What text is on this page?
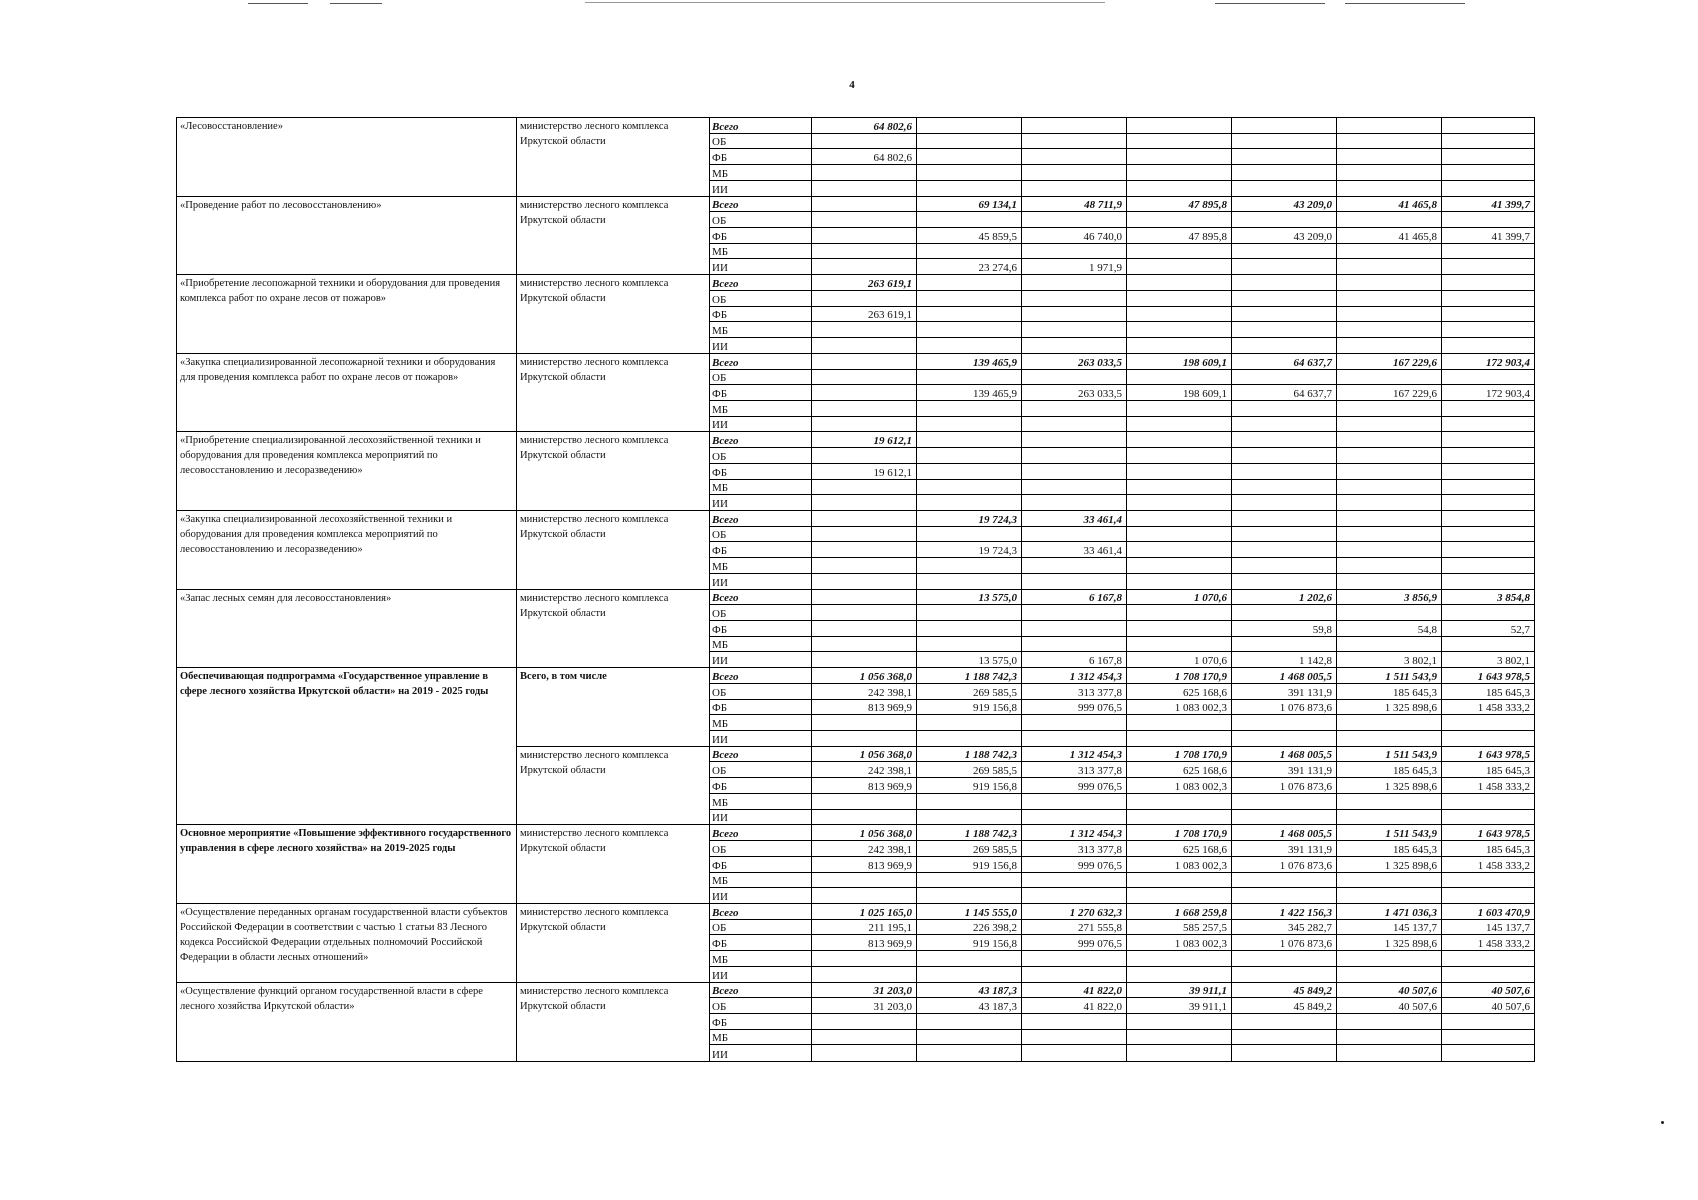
4
«Лесовосстановление»	министерство лесного комплекса Иркутской области	Всего	64 802,6						
		ОБ							
		ФБ	64 802,6						
		МБ							
		ИИ							
«Проведение работ по лесовосстановлению»	министерство лесного комплекса Иркутской области	Всего		69 134,1	48 711,9	47 895,8	43 209,0	41 465,8	41 399,7
		ОБ							
		ФБ		45 859,5	46 740,0	47 895,8	43 209,0	41 465,8	41 399,7
		МБ							
		ИИ		23 274,6	1 971,9				
«Приобретение лесопожарной техники и оборудования для проведения комплекса работ по охране лесов от пожаров»	министерство лесного комплекса Иркутской области	Всего	263 619,1						
		ОБ							
		ФБ	263 619,1						
		МБ							
		ИИ							
«Закупка специализированной лесопожарной техники и оборудования для проведения комплекса работ по охране лесов от пожаров»	министерство лесного комплекса Иркутской области	Всего		139 465,9	263 033,5	198 609,1	64 637,7	167 229,6	172 903,4
		ОБ							
		ФБ		139 465,9	263 033,5	198 609,1	64 637,7	167 229,6	172 903,4
		МБ							
		ИИ							
«Приобретение специализированной лесохозяйственной техники и оборудования для проведения комплекса мероприятий по лесовосстановлению и лесоразведению»	министерство лесного комплекса Иркутской области	Всего	19 612,1						
		ОБ							
		ФБ	19 612,1						
		МБ							
		ИИ							
«Закупка специализированной лесохозяйственной техники и оборудования для проведения комплекса мероприятий по лесовосстановлению и лесоразведению»	министерство лесного комплекса Иркутской области	Всего		19 724,3	33 461,4				
		ОБ							
		ФБ		19 724,3	33 461,4				
		МБ							
		ИИ							
«Запас лесных семян для лесовосстановления»	министерство лесного комплекса Иркутской области	Всего		13 575,0	6 167,8	1 070,6	1 202,6	3 856,9	3 854,8
		ОБ							
		ФБ					59,8	54,8	52,7
		МБ							
		ИИ		13 575,0	6 167,8	1 070,6	1 142,8	3 802,1	3 802,1
Обеспечивающая подпрограмма «Государственное управление в сфере лесного хозяйства Иркутской области» на 2019 - 2025 годы	Всего, в том числе	Всего	1 056 368,0	1 188 742,3	1 312 454,3	1 708 170,9	1 468 005,5	1 511 543,9	1 643 978,5
		ОБ	242 398,1	269 585,5	313 377,8	625 168,6	391 131,9	185 645,3	185 645,3
		ФБ	813 969,9	919 156,8	999 076,5	1 083 002,3	1 076 873,6	1 325 898,6	1 458 333,2
		МБ							
		ИИ							
	министерство лесного комплекса Иркутской области	Всего	1 056 368,0	1 188 742,3	1 312 454,3	1 708 170,9	1 468 005,5	1 511 543,9	1 643 978,5
		ОБ	242 398,1	269 585,5	313 377,8	625 168,6	391 131,9	185 645,3	185 645,3
		ФБ	813 969,9	919 156,8	999 076,5	1 083 002,3	1 076 873,6	1 325 898,6	1 458 333,2
		МБ							
		ИИ							
Основное мероприятие «Повышение эффективного государственного управления в сфере лесного хозяйства» на 2019-2025 годы	министерство лесного комплекса Иркутской области	Всего	1 056 368,0	1 188 742,3	1 312 454,3	1 708 170,9	1 468 005,5	1 511 543,9	1 643 978,5
		ОБ	242 398,1	269 585,5	313 377,8	625 168,6	391 131,9	185 645,3	185 645,3
		ФБ	813 969,9	919 156,8	999 076,5	1 083 002,3	1 076 873,6	1 325 898,6	1 458 333,2
		МБ							
		ИИ							
«Осуществление переданных органам государственной власти субъектов Российской Федерации в соответствии с частью 1 статьи 83 Лесного кодекса Российской Федерации отдельных полномочий Российской Федерации в области лесных отношений»	министерство лесного комплекса Иркутской области	Всего	1 025 165,0	1 145 555,0	1 270 632,3	1 668 259,8	1 422 156,3	1 471 036,3	1 603 470,9
		ОБ	211 195,1	226 398,2	271 555,8	585 257,5	345 282,7	145 137,7	145 137,7
		ФБ	813 969,9	919 156,8	999 076,5	1 083 002,3	1 076 873,6	1 325 898,6	1 458 333,2
		МБ							
		ИИ							
«Осуществление функций органом государственной власти в сфере лесного хозяйства Иркутской области»	министерство лесного комплекса Иркутской области	Всего	31 203,0	43 187,3	41 822,0	39 911,1	45 849,2	40 507,6	40 507,6
		ОБ	31 203,0	43 187,3	41 822,0	39 911,1	45 849,2	40 507,6	40 507,6
		ФБ							
		МБ							
		ИИ							
